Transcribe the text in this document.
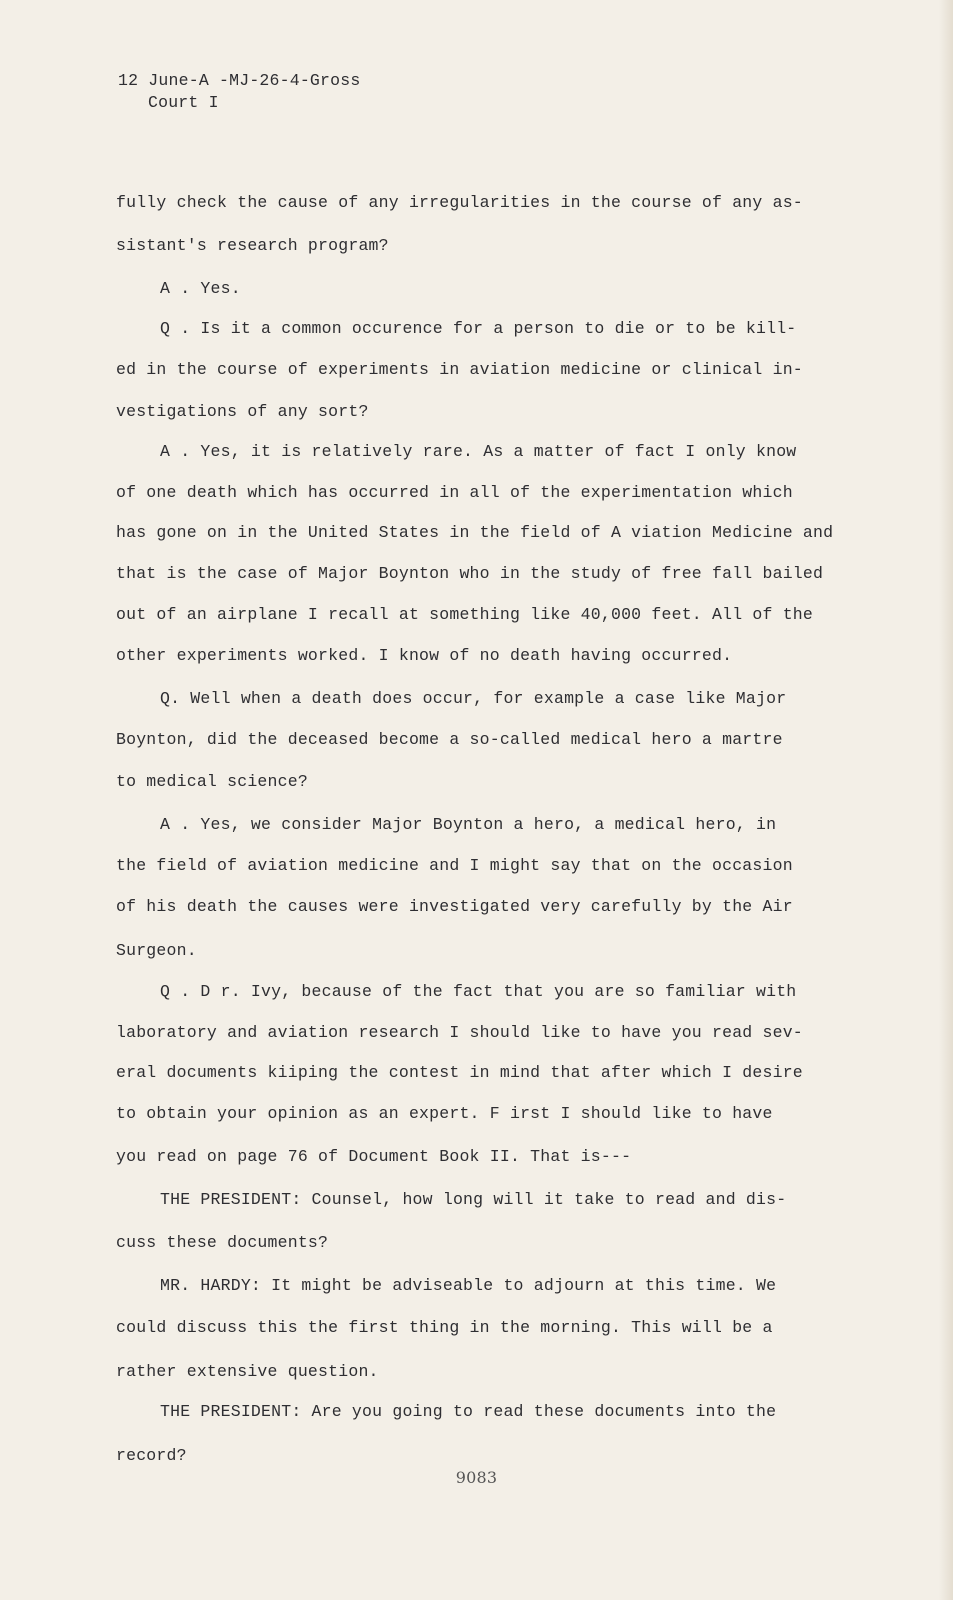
12 June-A -MJ-26-4-Gross
Court I
fully check the cause of any irregularities in the course of any as-
sistant's research program?
A . Yes.
Q . Is it a common occurence for a person to die or to be kill-
ed in the course of experiments in aviation medicine or clinical in-
vestigations of any sort?
A . Yes, it is relatively rare. As a matter of fact I only know
of one death which has occurred in all of the experimentation which
has gone on in the United States in the field of A viation Medicine and
that is the case of Major Boynton who in the study of free fall bailed
out of an airplane I recall at something like 40,000 feet. All of the
other experiments worked. I know of no death having occurred.
Q. Well when a death does occur, for example a case like Major
Boynton, did the deceased become a so-called medical hero a martre
to medical science?
A . Yes, we consider Major Boynton a hero, a medical hero, in
the field of aviation medicine and I might say that on the occasion
of his death the causes were investigated very carefully by the Air
Surgeon.
Q . D r. Ivy, because of the fact that you are so familiar with
laboratory and aviation research I should like to have you read sev-
eral documents kiiping the contest in mind that after which I desire
to obtain your opinion as an expert. F irst I should like to have
you read on page 76 of Document Book II. That is---
THE PRESIDENT: Counsel, how long will it take to read and dis-
cuss these documents?
MR. HARDY: It might be adviseable to adjourn at this time. We
could discuss this the first thing in the morning. This will be a
rather extensive question.
THE PRESIDENT: Are you going to read these documents into the
record?
9083
